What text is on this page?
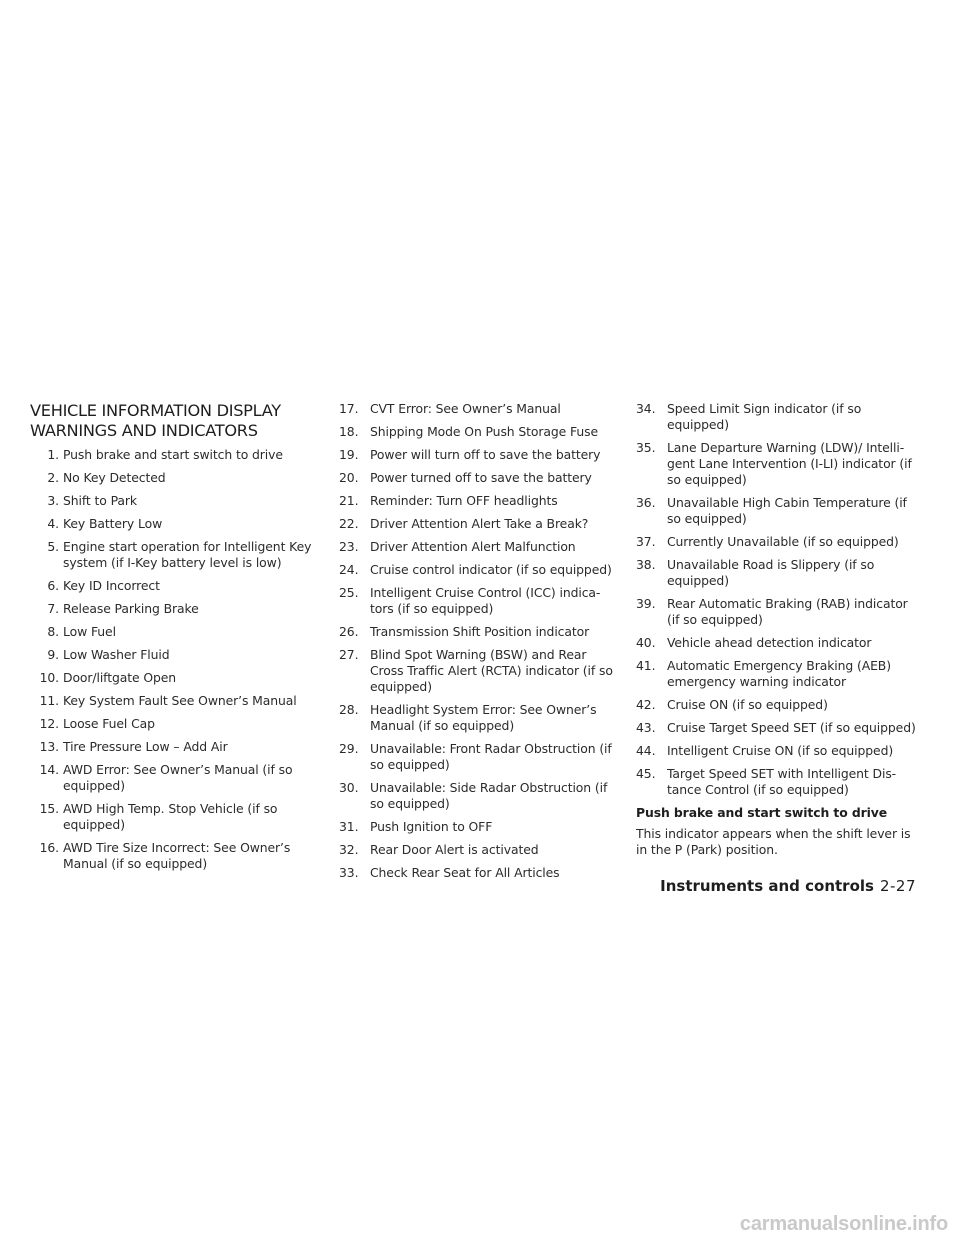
VEHICLE INFORMATION DISPLAY
WARNINGS AND INDICATORS
1. Push brake and start switch to drive
2. No Key Detected
3. Shift to Park
4. Key Battery Low
5. Engine start operation for Intelligent Key system (if I-Key battery level is low)
6. Key ID Incorrect
7. Release Parking Brake
8. Low Fuel
9. Low Washer Fluid
10. Door/liftgate Open
11. Key System Fault See Owner’s Manual
12. Loose Fuel Cap
13. Tire Pressure Low – Add Air
14. AWD Error: See Owner’s Manual (if so equipped)
15. AWD High Temp. Stop Vehicle (if so equipped)
16. AWD Tire Size Incorrect: See Owner’s Manual (if so equipped)
17. CVT Error: See Owner’s Manual
18. Shipping Mode On Push Storage Fuse
19. Power will turn off to save the battery
20. Power turned off to save the battery
21. Reminder: Turn OFF headlights
22. Driver Attention Alert Take a Break?
23. Driver Attention Alert Malfunction
24. Cruise control indicator (if so equipped)
25. Intelligent Cruise Control (ICC) indica-tors (if so equipped)
26. Transmission Shift Position indicator
27. Blind Spot Warning (BSW) and Rear Cross Traffic Alert (RCTA) indicator (if so equipped)
28. Headlight System Error: See Owner’s Manual (if so equipped)
29. Unavailable: Front Radar Obstruction (if so equipped)
30. Unavailable: Side Radar Obstruction (if so equipped)
31. Push Ignition to OFF
32. Rear Door Alert is activated
33. Check Rear Seat for All Articles
34. Speed Limit Sign indicator (if so equipped)
35. Lane Departure Warning (LDW)/ Intelli-gent Lane Intervention (I-LI) indicator (if so equipped)
36. Unavailable High Cabin Temperature (if so equipped)
37. Currently Unavailable (if so equipped)
38. Unavailable Road is Slippery (if so equipped)
39. Rear Automatic Braking (RAB) indicator (if so equipped)
40. Vehicle ahead detection indicator
41. Automatic Emergency Braking (AEB) emergency warning indicator
42. Cruise ON (if so equipped)
43. Cruise Target Speed SET (if so equipped)
44. Intelligent Cruise ON (if so equipped)
45. Target Speed SET with Intelligent Dis-tance Control (if so equipped)
Push brake and start switch to drive

This indicator appears when the shift lever is in the P (Park) position.

Instruments and controls 2-27
carmanualsonline.info
